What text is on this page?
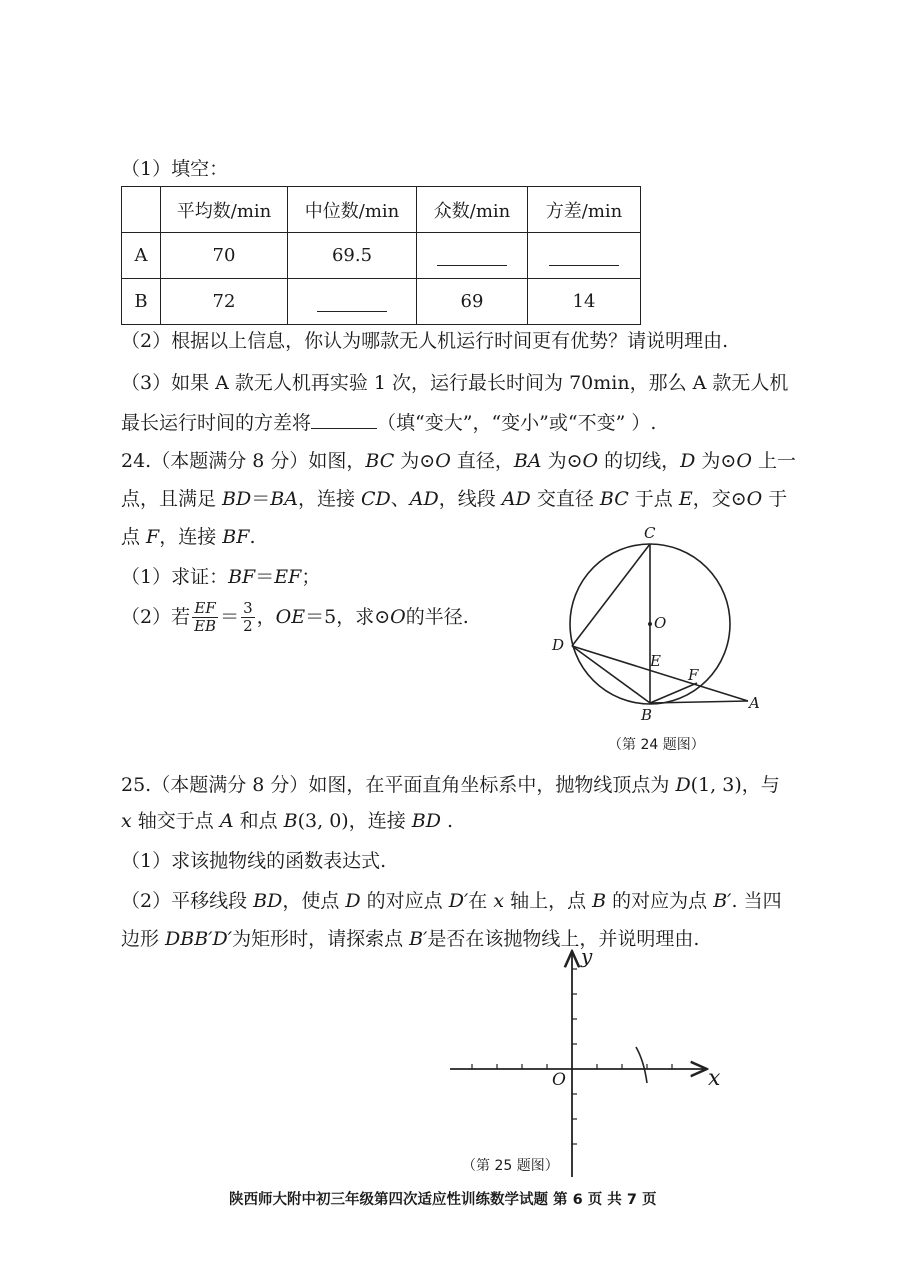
（1）填空：
	平均数/min	中位数/min	众数/min	方差/min
A	70	69.5		
B	72		69	14
（2）根据以上信息，你认为哪款无人机运行时间更有优势？请说明理由.
（3）如果 A 款无人机再实验 1 次，运行最长时间为 70min，那么 A 款无人机
最长运行时间的方差将	（填“变大”，“变小”或“不变” ）.
24.（本题满分 8 分）如图，BC 为⊙O 直径，BA 为⊙O 的切线，D 为⊙O 上一
点，且满足 BD＝BA，连接 CD、AD，线段 AD 交直径 BC 于点 E，交⊙O 于
点 F，连接 BF.
（1）求证：BF＝EF；
（2）若 $\frac{EF}{EB} = \frac{3}{2}$ ， OE ＝5，求⊙ O 的半径.
C
O
D
E
F
B
A
（第 24 题图）
25.（本题满分 8 分）如图，在平面直角坐标系中，抛物线顶点为 D(1, 3)，与
x 轴交于点 A 和点 B(3, 0)，连接 BD .
（1）求该抛物线的函数表达式.
（2）平移线段 BD，使点 D 的对应点 D′在 x 轴上，点 B 的对应为点 B′. 当四
边形 DBB′D′为矩形时，请探索点 B′是否在该抛物线上，并说明理由.
y
x
O
（第 25 题图）
陕西师大附中初三年级第四次适应性训练数学试题 第 6 页 共 7 页
